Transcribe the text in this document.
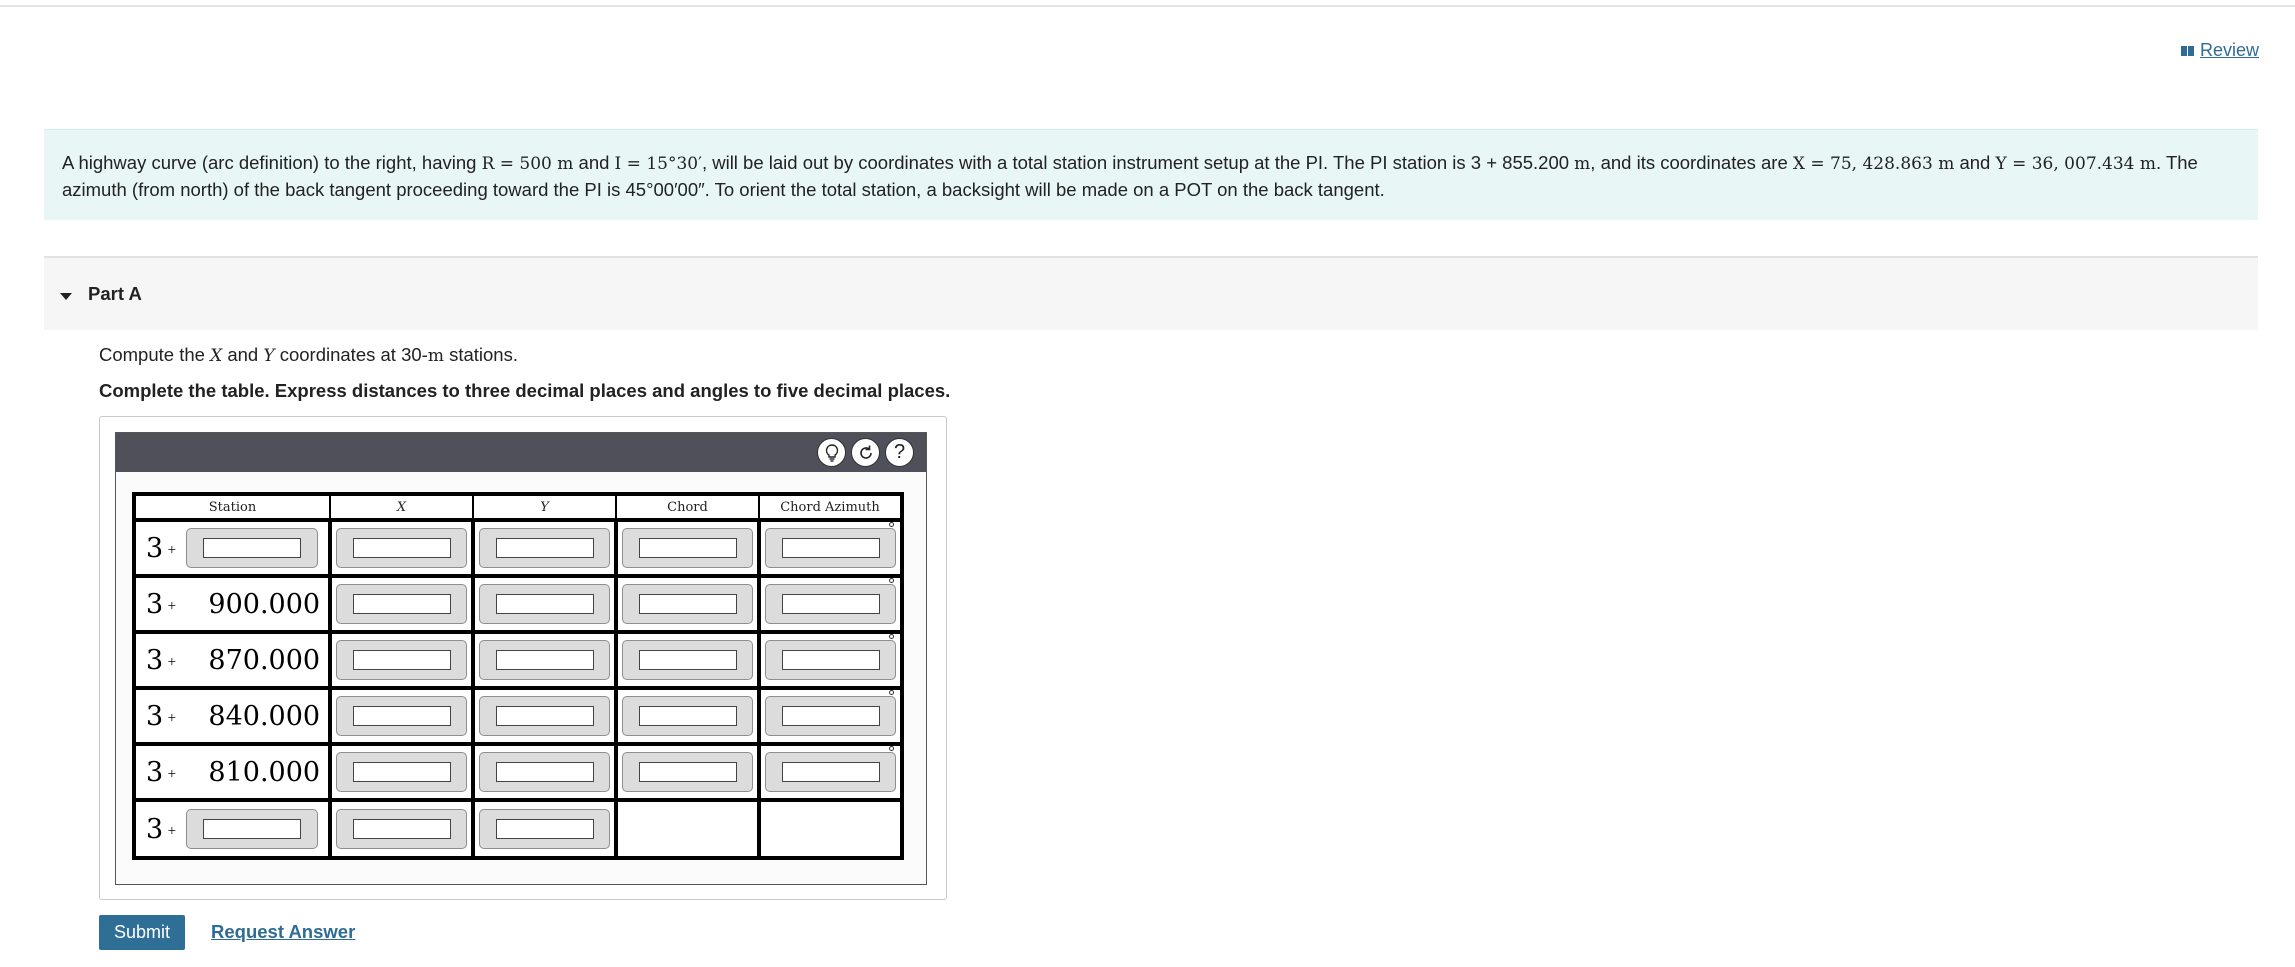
Review
A highway curve (arc definition) to the right, having R = 500 m and I = 15°30′, will be laid out by coordinates with a total station instrument setup at the PI. The PI station is 3 + 855.200 m, and its coordinates are X = 75, 428.863 m and Y = 36, 007.434 m. The azimuth (from north) of the back tangent proceeding toward the PI is 45°00′00″. To orient the total station, a backsight will be made on a POT on the back tangent.
Part A
Compute the X and Y coordinates at 30-m stations.
Complete the table. Express distances to three decimal places and angles to five decimal places.
?
Station	X	Y	Chord	Chord Azimuth

3 +				

3 + 900.000				

3 + 870.000				

3 + 840.000				

3 + 810.000				

3 +				

Submit	Request Answer
